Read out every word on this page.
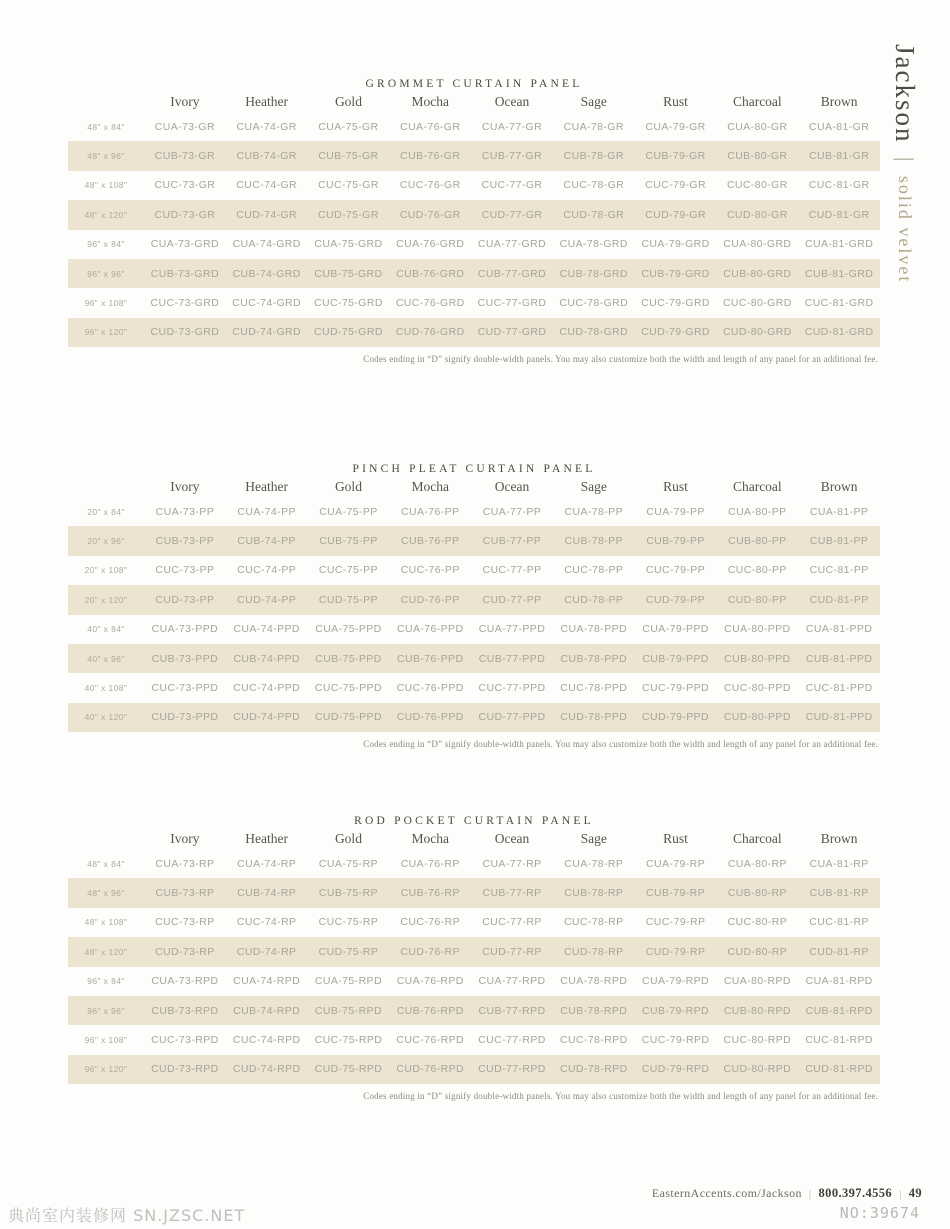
Jackson|solid velvet
GROMMET CURTAIN PANEL
Ivory	Heather	Gold	Mocha	Ocean	Sage	Rust	Charcoal	Brown
48" x 84"	CUA-73-GR	CUA-74-GR	CUA-75-GR	CUA-76-GR	CUA-77-GR	CUA-78-GR	CUA-79-GR	CUA-80-GR	CUA-81-GR
48" x 96"	CUB-73-GR	CUB-74-GR	CUB-75-GR	CUB-76-GR	CUB-77-GR	CUB-78-GR	CUB-79-GR	CUB-80-GR	CUB-81-GR
48" x 108"	CUC-73-GR	CUC-74-GR	CUC-75-GR	CUC-76-GR	CUC-77-GR	CUC-78-GR	CUC-79-GR	CUC-80-GR	CUC-81-GR
48" x 120"	CUD-73-GR	CUD-74-GR	CUD-75-GR	CUD-76-GR	CUD-77-GR	CUD-78-GR	CUD-79-GR	CUD-80-GR	CUD-81-GR
96" x 84"	CUA-73-GRD	CUA-74-GRD	CUA-75-GRD	CUA-76-GRD	CUA-77-GRD	CUA-78-GRD	CUA-79-GRD	CUA-80-GRD	CUA-81-GRD
96" x 96"	CUB-73-GRD	CUB-74-GRD	CUB-75-GRD	CUB-76-GRD	CUB-77-GRD	CUB-78-GRD	CUB-79-GRD	CUB-80-GRD	CUB-81-GRD
96" x 108"	CUC-73-GRD	CUC-74-GRD	CUC-75-GRD	CUC-76-GRD	CUC-77-GRD	CUC-78-GRD	CUC-79-GRD	CUC-80-GRD	CUC-81-GRD
96" x 120"	CUD-73-GRD	CUD-74-GRD	CUD-75-GRD	CUD-76-GRD	CUD-77-GRD	CUD-78-GRD	CUD-79-GRD	CUD-80-GRD	CUD-81-GRD

Codes ending in “D” signify double-width panels. You may also customize both the width and length of any panel for an additional fee.

PINCH PLEAT CURTAIN PANEL
Ivory	Heather	Gold	Mocha	Ocean	Sage	Rust	Charcoal	Brown
20" x 84"	CUA-73-PP	CUA-74-PP	CUA-75-PP	CUA-76-PP	CUA-77-PP	CUA-78-PP	CUA-79-PP	CUA-80-PP	CUA-81-PP
20" x 96"	CUB-73-PP	CUB-74-PP	CUB-75-PP	CUB-76-PP	CUB-77-PP	CUB-78-PP	CUB-79-PP	CUB-80-PP	CUB-81-PP
20" x 108"	CUC-73-PP	CUC-74-PP	CUC-75-PP	CUC-76-PP	CUC-77-PP	CUC-78-PP	CUC-79-PP	CUC-80-PP	CUC-81-PP
20" x 120"	CUD-73-PP	CUD-74-PP	CUD-75-PP	CUD-76-PP	CUD-77-PP	CUD-78-PP	CUD-79-PP	CUD-80-PP	CUD-81-PP
40" x 84"	CUA-73-PPD	CUA-74-PPD	CUA-75-PPD	CUA-76-PPD	CUA-77-PPD	CUA-78-PPD	CUA-79-PPD	CUA-80-PPD	CUA-81-PPD
40" x 96"	CUB-73-PPD	CUB-74-PPD	CUB-75-PPD	CUB-76-PPD	CUB-77-PPD	CUB-78-PPD	CUB-79-PPD	CUB-80-PPD	CUB-81-PPD
40" x 108"	CUC-73-PPD	CUC-74-PPD	CUC-75-PPD	CUC-76-PPD	CUC-77-PPD	CUC-78-PPD	CUC-79-PPD	CUC-80-PPD	CUC-81-PPD
40" x 120"	CUD-73-PPD	CUD-74-PPD	CUD-75-PPD	CUD-76-PPD	CUD-77-PPD	CUD-78-PPD	CUD-79-PPD	CUD-80-PPD	CUD-81-PPD

Codes ending in “D” signify double-width panels. You may also customize both the width and length of any panel for an additional fee.

ROD POCKET CURTAIN PANEL
Ivory	Heather	Gold	Mocha	Ocean	Sage	Rust	Charcoal	Brown
48" x 84"	CUA-73-RP	CUA-74-RP	CUA-75-RP	CUA-76-RP	CUA-77-RP	CUA-78-RP	CUA-79-RP	CUA-80-RP	CUA-81-RP
48" x 96"	CUB-73-RP	CUB-74-RP	CUB-75-RP	CUB-76-RP	CUB-77-RP	CUB-78-RP	CUB-79-RP	CUB-80-RP	CUB-81-RP
48" x 108"	CUC-73-RP	CUC-74-RP	CUC-75-RP	CUC-76-RP	CUC-77-RP	CUC-78-RP	CUC-79-RP	CUC-80-RP	CUC-81-RP
48" x 120"	CUD-73-RP	CUD-74-RP	CUD-75-RP	CUD-76-RP	CUD-77-RP	CUD-78-RP	CUD-79-RP	CUD-80-RP	CUD-81-RP
96" x 84"	CUA-73-RPD	CUA-74-RPD	CUA-75-RPD	CUA-76-RPD	CUA-77-RPD	CUA-78-RPD	CUA-79-RPD	CUA-80-RPD	CUA-81-RPD
96" x 96"	CUB-73-RPD	CUB-74-RPD	CUB-75-RPD	CUB-76-RPD	CUB-77-RPD	CUB-78-RPD	CUB-79-RPD	CUB-80-RPD	CUB-81-RPD
96" x 108"	CUC-73-RPD	CUC-74-RPD	CUC-75-RPD	CUC-76-RPD	CUC-77-RPD	CUC-78-RPD	CUC-79-RPD	CUC-80-RPD	CUC-81-RPD
96" x 120"	CUD-73-RPD	CUD-74-RPD	CUD-75-RPD	CUD-76-RPD	CUD-77-RPD	CUD-78-RPD	CUD-79-RPD	CUD-80-RPD	CUD-81-RPD

Codes ending in “D” signify double-width panels. You may also customize both the width and length of any panel for an additional fee.

EasternAccents.com/Jackson | 800.397.4556 | 49
典尚室内装修网 SN.JZSC.NET	NO:39674
